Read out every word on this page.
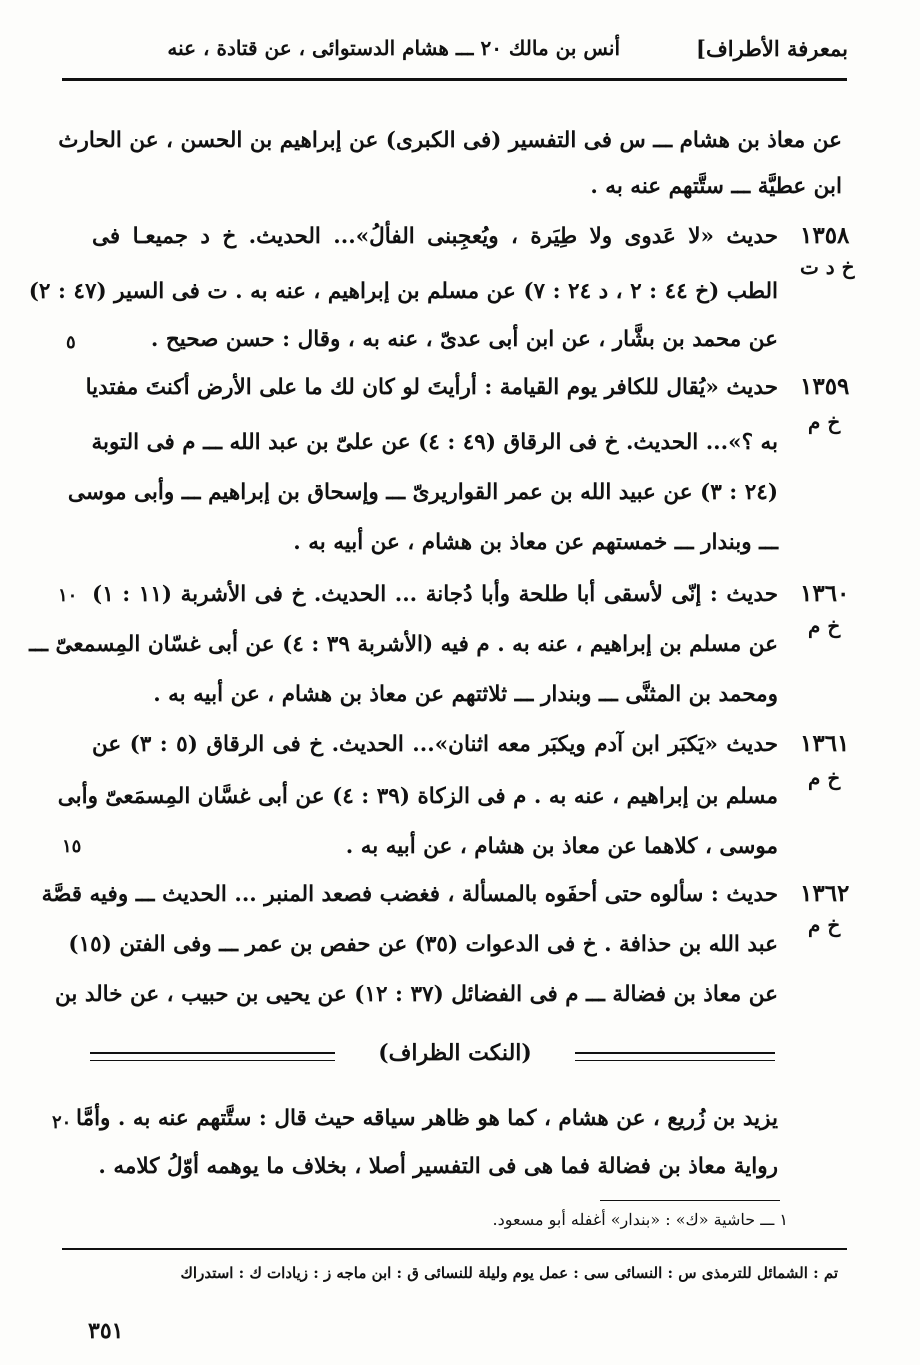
بمعرفة الأطراف]
أنس بن مالك ٢٠ ـــ هشام الدستوائى ، عن قتادة ، عنه
عن معاذ بن هشام ـــ س فى التفسير (فى الكبرى) عن إبراهيم بن الحسن ، عن الحارث
ابن عطيَّة ـــ ستَّتهم عنه به .
١٣٥٨
خ د ت
حديث «لا عَدوى ولا طِيَرة ، ويُعجِبنى الفألُ»... الحديث. خ د جميعـا فى
الطب (خ ٤٤ : ٢ ، د ٢٤ : ٧) عن مسلم بن إبراهيم ، عنه به . ت فى السير (٤٧ : ٢)
عن محمد بن بشَّار ، عن ابن أبى عدىّ ، عنه به ، وقال : حسن صحيح .
٥
١٣٥٩
خ م
حديث «يُقال للكافر يوم القيامة : أرأيتَ لو كان لك ما على الأرض أكنتَ مفتديا
به ؟»... الحديث. خ فى الرقاق (٤٩ : ٤) عن علىّ بن عبد الله ـــ م فى التوبة
(٢٤ : ٣) عن عبيد الله بن عمر القواريرىّ ـــ وإسحاق بن إبراهيم ـــ وأبى موسى
ـــ وبندار ـــ خمستهم عن معاذ بن هشام ، عن أبيه به .
١٣٦٠
خ م
١٠ حديث : إنّى لأسقى أبا طلحة وأبا دُجانة ... الحديث. خ فى الأشربة (١١ : ١)
عن مسلم بن إبراهيم ، عنه به . م فيه (الأشربة ٣٩ : ٤) عن أبى غسّان المِسمعىّ ـــ
ومحمد بن المثنَّى ـــ وبندار ـــ ثلاثتهم عن معاذ بن هشام ، عن أبيه به .
١٣٦١
خ م
حديث «يَكبَر ابن آدم ويكبَر معه اثنان»... الحديث. خ فى الرقاق (٥ : ٣) عن
مسلم بن إبراهيم ، عنه به . م فى الزكاة (٣٩ : ٤) عن أبى غسَّان المِسمَعىّ وأبى
موسى ، كلاهما عن معاذ بن هشام ، عن أبيه به .
١٥
١٣٦٢
خ م
حديث : سألوه حتى أحفَوه بالمسألة ، فغضب فصعد المنبر ... الحديث ـــ وفيه قصَّة
عبد الله بن حذافة . خ فى الدعوات (٣٥) عن حفص بن عمر ـــ وفى الفتن (١٥)
عن معاذ بن فضالة ـــ م فى الفضائل (٣٧ : ١٢) عن يحيى بن حبيب ، عن خالد بن
(النكت الظراف)
٢٠ يزيد بن زُريع ، عن هشام ، كما هو ظاهر سياقه حيث قال : ستَّتهم عنه به . وأمَّا
رواية معاذ بن فضالة فما هى فى التفسير أصلا ، بخلاف ما يوهمه أوّلُ كلامه .
١ ـــ حاشية «ك» : «بندار» أغفله أبو مسعود.
تم : الشمائل للترمذى س : النسائى سى : عمل يوم وليلة للنسائى ق : ابن ماجه ز : زيادات ك : استدراك
٣٥١
